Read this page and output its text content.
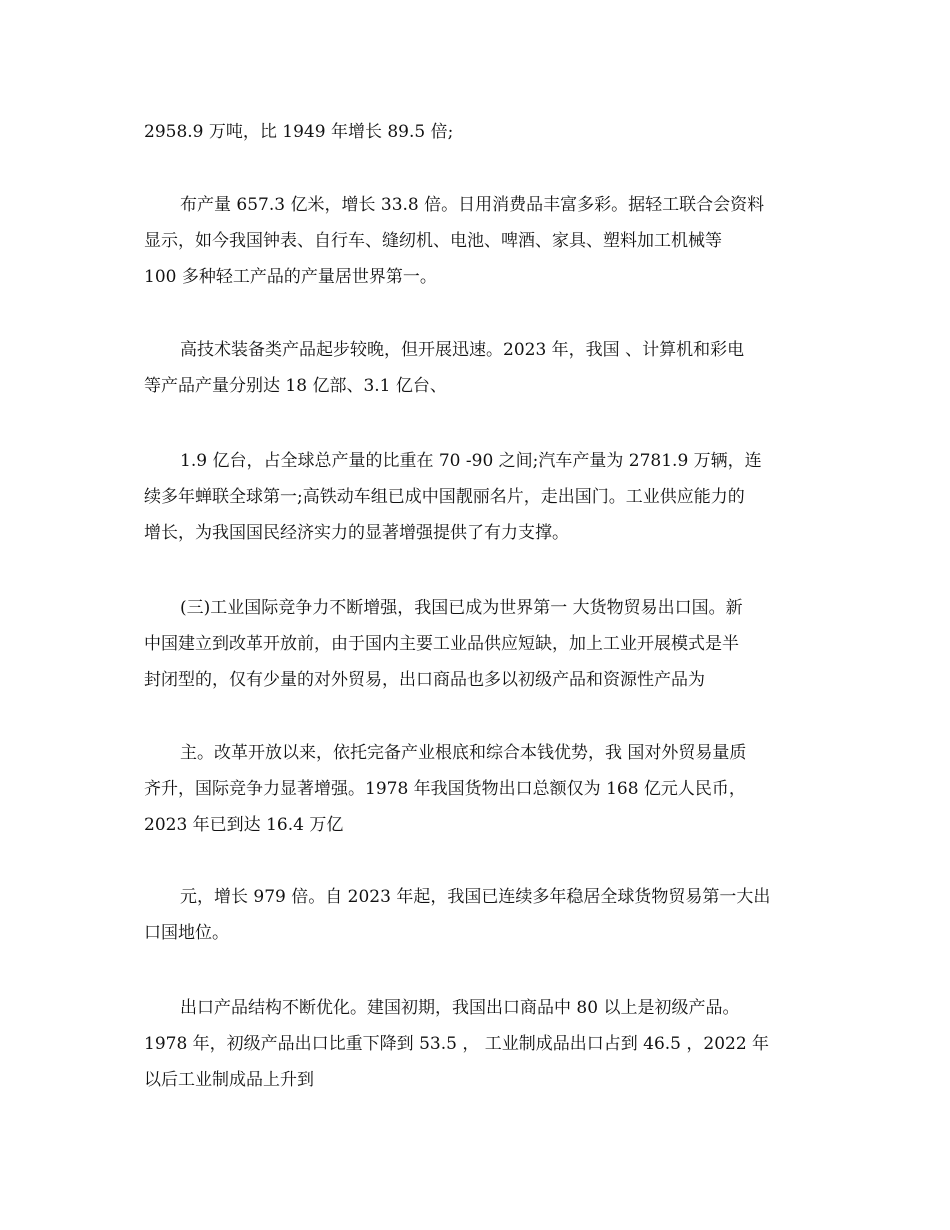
2958.9 万吨，比 1949 年增长 89.5 倍;
布产量 657.3 亿米，增长 33.8 倍。日用消费品丰富多彩。据轻工联合会资料
显示，如今我国钟表、自行车、缝纫机、电池、啤酒、家具、塑料加工机械等
100 多种轻工产品的产量居世界第一。
高技术装备类产品起步较晚，但开展迅速。2023 年，我国 、计算机和彩电
等产品产量分别达 18 亿部、3.1 亿台、
1.9 亿台，占全球总产量的比重在 70 -90 之间;汽车产量为 2781.9 万辆，连
续多年蝉联全球第一;高铁动车组已成中国靓丽名片，走出国门。工业供应能力的
增长，为我国国民经济实力的显著增强提供了有力支撑。
(三)工业国际竞争力不断增强，我国已成为世界第一 大货物贸易出口国。新
中国建立到改革开放前，由于国内主要工业品供应短缺，加上工业开展模式是半
封闭型的，仅有少量的对外贸易，出口商品也多以初级产品和资源性产品为
主。改革开放以来，依托完备产业根底和综合本钱优势，我 国对外贸易量质
齐升，国际竞争力显著增强。1978 年我国货物出口总额仅为 168 亿元人民币，
2023 年已到达 16.4 万亿
元，增长 979 倍。自 2023 年起，我国已连续多年稳居全球货物贸易第一大出
口国地位。
出口产品结构不断优化。建国初期，我国出口商品中 80 以上是初级产品。
1978 年，初级产品出口比重下降到 53.5 ， 工业制成品出口占到 46.5 ，2022 年
以后工业制成品上升到
